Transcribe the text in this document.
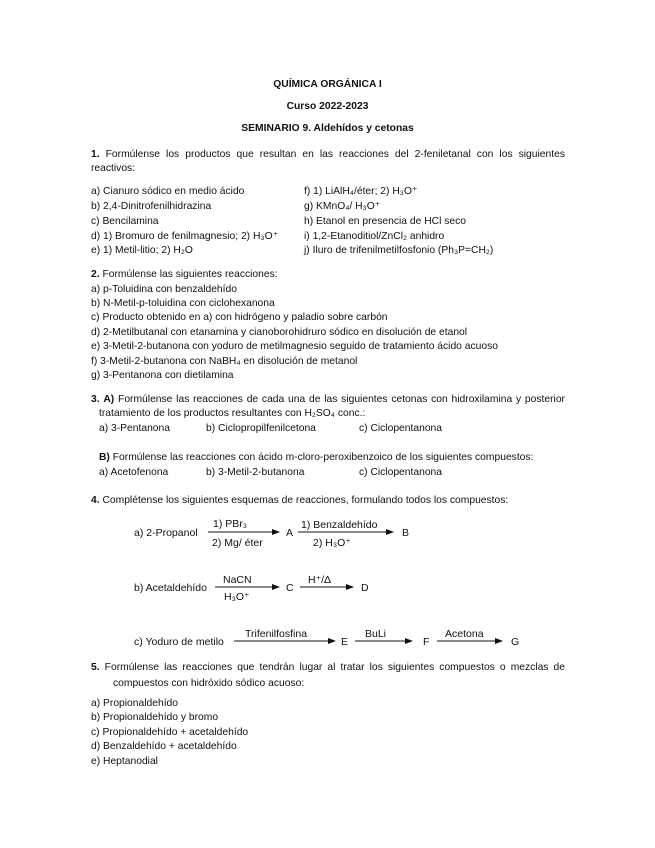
QUÍMICA ORGÁNICA I
Curso 2022-2023
SEMINARIO 9. Aldehídos y cetonas
1. Formúlense los productos que resultan en las reacciones del 2-feniletanal con los siguientes
reactivos:
a) Cianuro sódico en medio ácido
b) 2,4-Dinitrofenilhidrazina
c) Bencilamina
d) 1) Bromuro de fenilmagnesio; 2) H₃O⁺
e) 1) Metil-litio; 2) H₂O
f) 1) LiAlH₄/éter; 2) H₃O⁺
g) KMnO₄/ H₃O⁺
h) Etanol en presencia de HCl seco
i) 1,2-Etanoditiol/ZnCl₂ anhidro
j) Iluro de trifenilmetilfosfonio (Ph₃P=CH₂)
2. Formúlense las siguientes reacciones:
a) p-Toluidina con benzaldehído
b) N-Metil-p-toluidina con ciclohexanona
c) Producto obtenido en a) con hidrógeno y paladio sobre carbón
d) 2-Metilbutanal con etanamina y cianoborohidruro sódico en disolución de etanol
e) 3-Metil-2-butanona con yoduro de metilmagnesio seguido de tratamiento ácido acuoso
f) 3-Metil-2-butanona con NaBH₄ en disolución de metanol
g) 3-Pentanona con dietilamina
3. A) Formúlense las reacciones de cada una de las siguientes cetonas con hidroxilamina y posterior
tratamiento de los productos resultantes con H₂SO₄ conc.:
a) 3-Pentanona	b) Ciclopropilfenilcetona	c) Ciclopentanona
B) Formúlense las reacciones con ácido m-cloro-peroxibenzoico de los siguientes compuestos:
a) Acetofenona	b) 3-Metil-2-butanona	c) Ciclopentanona
4. Complétense los siguientes esquemas de reacciones, formulando todos los compuestos:
a) 2-Propanol
1) PBr₃
2) Mg/ éter
A
1) Benzaldehído
2) H₃O⁺
B
b) Acetaldehído
NaCN
H₃O⁺
C
H⁺/Δ
D
c) Yoduro de metilo
Trifenilfosfina
E
BuLi
F
Acetona
G
5. Formúlense las reacciones que tendrán lugar al tratar los siguientes compuestos o mezclas de
compuestos con hidróxido sódico acuoso:
a) Propionaldehído
b) Propionaldehído y bromo
c) Propionaldehído + acetaldehído
d) Benzaldehído + acetaldehído
e) Heptanodial
